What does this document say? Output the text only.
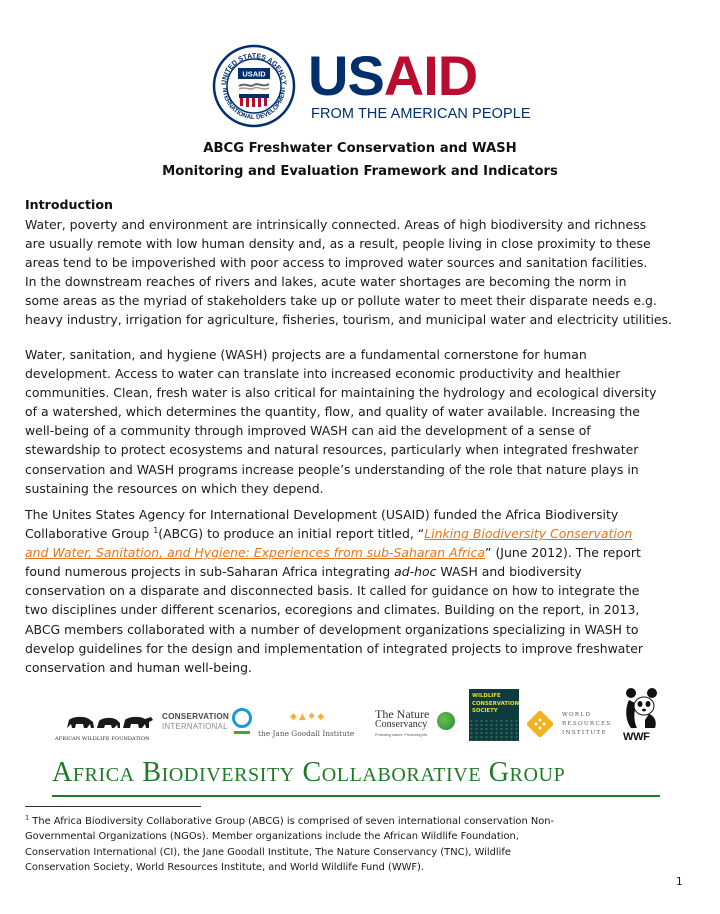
UNITED STATES AGENCY
NTERNATIONAL DEVELOPMENT
USAID USAID
FROM THE AMERICAN PEOPLE
ABCG Freshwater Conservation and WASH
Monitoring and Evaluation Framework and Indicators
Introduction
Water, poverty and environment are intrinsically connected. Areas of high biodiversity and richness
are usually remote with low human density and, as a result, people living in close proximity to these
areas tend to be impoverished with poor access to improved water sources and sanitation facilities.
In the downstream reaches of rivers and lakes, acute water shortages are becoming the norm in
some areas as the myriad of stakeholders take up or pollute water to meet their disparate needs e.g.
heavy industry, irrigation for agriculture, fisheries, tourism, and municipal water and electricity utilities.
Water, sanitation, and hygiene (WASH) projects are a fundamental cornerstone for human
development. Access to water can translate into increased economic productivity and healthier
communities. Clean, fresh water is also critical for maintaining the hydrology and ecological diversity
of a watershed, which determines the quantity, flow, and quality of water available. Increasing the
well-being of a community through improved WASH can aid the development of a sense of
stewardship to protect ecosystems and natural resources, particularly when integrated freshwater
conservation and WASH programs increase people’s understanding of the role that nature plays in
sustaining the resources on which they depend.
The Unites States Agency for International Development (USAID) funded the Africa Biodiversity
Collaborative Group $^1$(ABCG) to produce an initial report titled, “Linking Biodiversity Conservation
and Water, Sanitation, and Hygiene: Experiences from sub-Saharan Africa” (June 2012). The report
found numerous projects in sub-Saharan Africa integrating ad-hoc WASH and biodiversity
conservation on a disparate and disconnected basis. It called for guidance on how to integrate the
two disciplines under different scenarios, ecoregions and climates. Building on the report, in 2013,
ABCG members collaborated with a number of development organizations specializing in WASH to
develop guidelines for the design and implementation of integrated projects to improve freshwater
conservation and human well-being.
AFRICAN WILDLIFE FOUNDATION
CONSERVATION
INTERNATIONAL
◆▲✸◆
the Jane Goodall Institute
The Nature
Conservancy
Protecting nature. Preserving life.
WILDLIFE CONSERVATION SOCIETY
WORLD
RESOURCES
INSTITUTE	WWF
Africa Biodiversity Collaborative Group
$^1$ The Africa Biodiversity Collaborative Group (ABCG) is comprised of seven international conservation Non-
Governmental Organizations (NGOs). Member organizations include the African Wildlife Foundation,
Conservation International (CI), the Jane Goodall Institute, The Nature Conservancy (TNC), Wildlife
Conservation Society, World Resources Institute, and World Wildlife Fund (WWF).
1
